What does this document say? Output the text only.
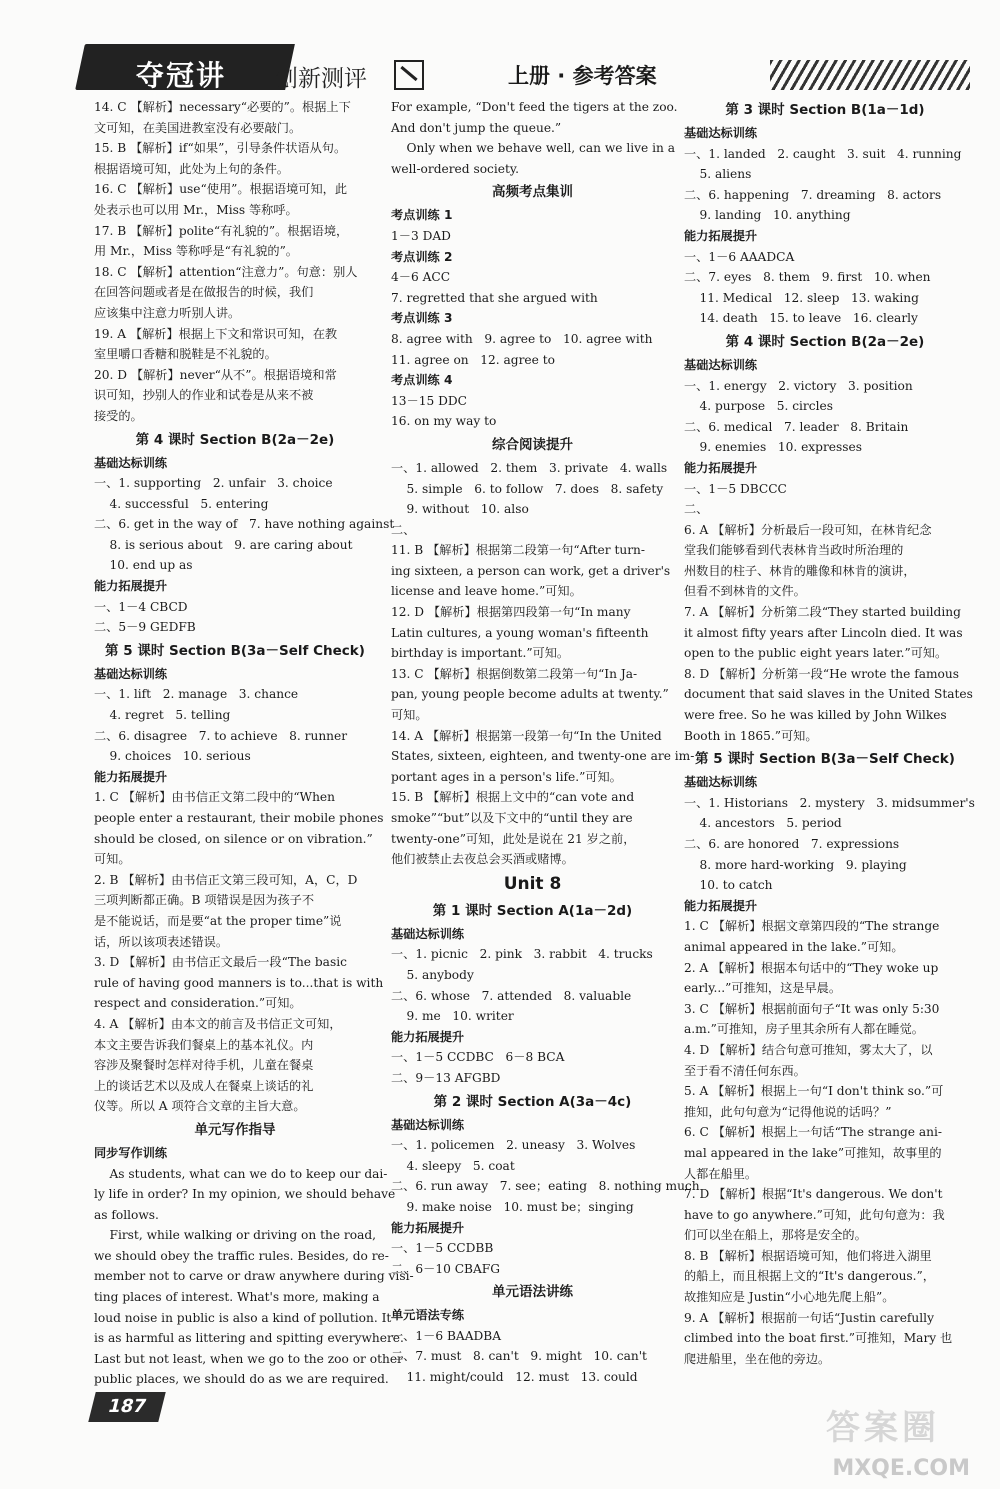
夺冠讲 创新测评	上册 · 参考答案
14. C 【解析】necessary“必要的”。根据上下
文可知，在美国进教室没有必要敲门。
15. B 【解析】if“如果”，引导条件状语从句。
根据语境可知，此处为上句的条件。
16. C 【解析】use“使用”。根据语境可知，此
处表示也可以用 Mr.，Miss 等称呼。
17. B 【解析】polite“有礼貌的”。根据语境，
用 Mr.，Miss 等称呼是“有礼貌的”。
18. C 【解析】attention“注意力”。句意：别人
在回答问题或者是在做报告的时候，我们
应该集中注意力听别人讲。
19. A 【解析】根据上下文和常识可知，在教
室里嚼口香糖和脱鞋是不礼貌的。
20. D 【解析】never“从不”。根据语境和常
识可知，抄别人的作业和试卷是从来不被
接受的。
第 4 课时 Section B(2a－2e)
基础达标训练
一、1. supporting   2. unfair   3. choice
4. successful   5. entering
二、6. get in the way of   7. have nothing against
8. is serious about   9. are caring about
10. end up as
能力拓展提升
一、1－4 CBCD
二、5－9 GEDFB
第 5 课时 Section B(3a－Self Check)
基础达标训练
一、1. lift   2. manage   3. chance
4. regret   5. telling
二、6. disagree   7. to achieve   8. runner
9. choices   10. serious
能力拓展提升
1. C 【解析】由书信正文第二段中的“When
people enter a restaurant, their mobile phones
should be closed, on silence or on vibration.”
可知。
2. B 【解析】由书信正文第三段可知，A，C，D
三项判断都正确。B 项错误是因为孩子不
是不能说话，而是要“at the proper time”说
话，所以该项表述错误。
3. D 【解析】由书信正文最后一段“The basic
rule of having good manners is to...that is with
respect and consideration.”可知。
4. A 【解析】由本文的前言及书信正文可知，
本文主要告诉我们餐桌上的基本礼仪。内
容涉及聚餐时怎样对待手机，儿童在餐桌
上的谈话艺术以及成人在餐桌上谈话的礼
仪等。所以 A 项符合文章的主旨大意。
单元写作指导
同步写作训练
As students, what can we do to keep our dai-
ly life in order? In my opinion, we should behave
as follows.
First, while walking or driving on the road,
we should obey the traffic rules. Besides, do re-
member not to carve or draw anywhere during visi-
ting places of interest. What's more, making a
loud noise in public is also a kind of pollution. It
is as harmful as littering and spitting everywhere.
Last but not least, when we go to the zoo or other
public places, we should do as we are required.
For example, “Don't feed the tigers at the zoo.
And don't jump the queue.”
Only when we behave well, can we live in a
well-ordered society.
高频考点集训
考点训练 1
1－3 DAD
考点训练 2
4－6 ACC
7. regretted that she argued with
考点训练 3
8. agree with   9. agree to   10. agree with
11. agree on   12. agree to
考点训练 4
13－15 DDC
16. on my way to
综合阅读提升
一、1. allowed   2. them   3. private   4. walls
5. simple   6. to follow   7. does   8. safety
9. without   10. also
二、
11. B 【解析】根据第二段第一句“After turn-
ing sixteen, a person can work, get a driver's
license and leave home.”可知。
12. D 【解析】根据第四段第一句“In many
Latin cultures, a young woman's fifteenth
birthday is important.”可知。
13. C 【解析】根据倒数第二段第一句“In Ja-
pan, young people become adults at twenty.”
可知。
14. A 【解析】根据第一段第一句“In the United
States, sixteen, eighteen, and twenty-one are im-
portant ages in a person's life.”可知。
15. B 【解析】根据上文中的“can vote and
smoke”“but”以及下文中的“until they are
twenty-one”可知，此处是说在 21 岁之前，
他们被禁止去夜总会买酒或赌博。
Unit 8
第 1 课时 Section A(1a－2d)
基础达标训练
一、1. picnic   2. pink   3. rabbit   4. trucks
5. anybody
二、6. whose   7. attended   8. valuable
9. me   10. writer
能力拓展提升
一、1－5 CCDBC   6－8 BCA
二、9－13 AFGBD
第 2 课时 Section A(3a－4c)
基础达标训练
一、1. policemen   2. uneasy   3. Wolves
4. sleepy   5. coat
二、6. run away   7. see；eating   8. nothing much
9. make noise   10. must be；singing
能力拓展提升
一、1－5 CCDBB
二、6－10 CBAFG
单元语法讲练
单元语法专练
一、1－6 BAADBA
二、7. must   8. can't   9. might   10. can't
11. might/could   12. must   13. could
第 3 课时 Section B(1a－1d)
基础达标训练
一、1. landed   2. caught   3. suit   4. running
5. aliens
二、6. happening   7. dreaming   8. actors
9. landing   10. anything
能力拓展提升
一、1－6 AAADCA
二、7. eyes   8. them   9. first   10. when
11. Medical   12. sleep   13. waking
14. death   15. to leave   16. clearly
第 4 课时 Section B(2a－2e)
基础达标训练
一、1. energy   2. victory   3. position
4. purpose   5. circles
二、6. medical   7. leader   8. Britain
9. enemies   10. expresses
能力拓展提升
一、1－5 DBCCC
二、
6. A 【解析】分析最后一段可知，在林肯纪念
堂我们能够看到代表林肯当政时所治理的
州数目的柱子、林肯的雕像和林肯的演讲，
但看不到林肯的文件。
7. A 【解析】分析第二段“They started building
it almost fifty years after Lincoln died. It was
open to the public eight years later.”可知。
8. D 【解析】分析第一段“He wrote the famous
document that said slaves in the United States
were free. So he was killed by John Wilkes
Booth in 1865.”可知。
第 5 课时 Section B(3a－Self Check)
基础达标训练
一、1. Historians   2. mystery   3. midsummer's
4. ancestors   5. period
二、6. are honored   7. expressions
8. more hard-working   9. playing
10. to catch
能力拓展提升
1. C 【解析】根据文章第四段的“The strange
animal appeared in the lake.”可知。
2. A 【解析】根据本句话中的“They woke up
early...”可推知，这是早晨。
3. C 【解析】根据前面句子“It was only 5:30
a.m.”可推知，房子里其余所有人都在睡觉。
4. D 【解析】结合句意可推知，雾太大了，以
至于看不清任何东西。
5. A 【解析】根据上一句“I don't think so.”可
推知，此句句意为“记得他说的话吗？”
6. C 【解析】根据上一句话“The strange ani-
mal appeared in the lake”可推知，故事里的
人都在船里。
7. D 【解析】根据“It's dangerous. We don't
have to go anywhere.”可知，此句句意为：我
们可以坐在船上，那将是安全的。
8. B 【解析】根据语境可知，他们将进入湖里
的船上，而且根据上文的“It's dangerous.”，
故推知应是 Justin“小心地先爬上船”。
9. A 【解析】根据前一句话“Justin carefully
climbed into the boat first.”可推知，Mary 也
爬进船里，坐在他的旁边。
187
答案圈
MXQE.COM
